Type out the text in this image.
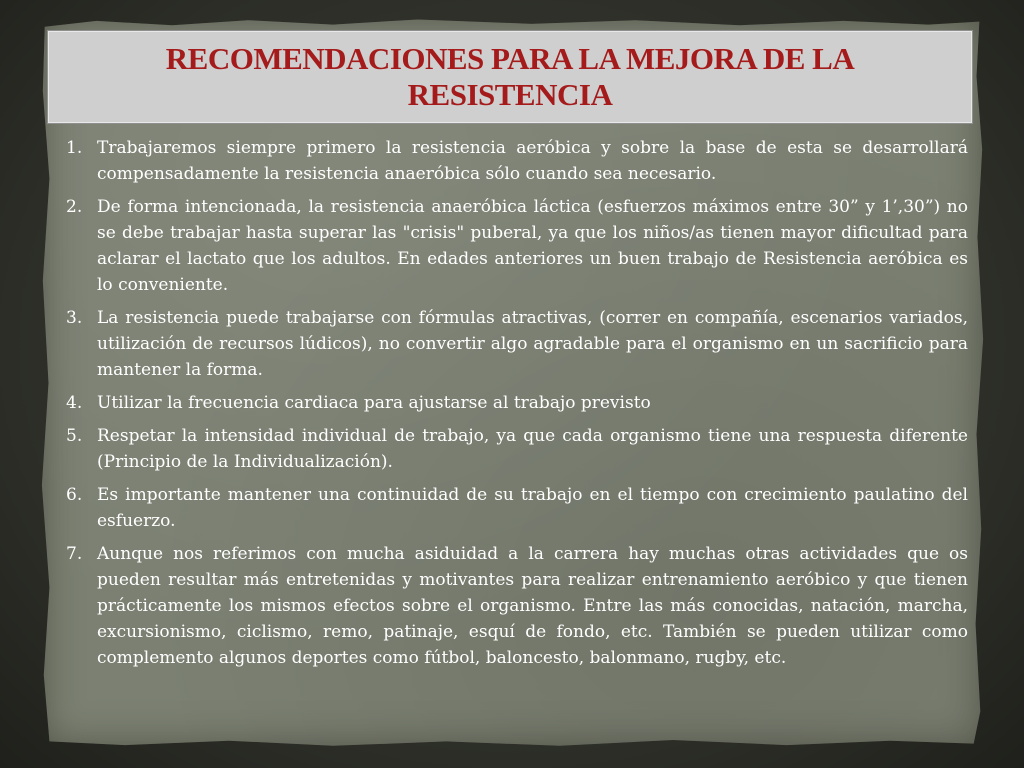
RECOMENDACIONES PARA LA MEJORA DE LA RESISTENCIA

1. Trabajaremos siempre primero la resistencia aeróbica y sobre la base de esta se desarrollará compensadamente la resistencia anaeróbica sólo cuando sea necesario.

2. De forma intencionada, la resistencia anaeróbica láctica (esfuerzos máximos entre 30” y 1’,30”) no se debe trabajar hasta superar las "crisis" puberal, ya que los niños/as tienen mayor dificultad para aclarar el lactato que los adultos. En edades anteriores un buen trabajo de Resistencia aeróbica es lo conveniente.

3. La resistencia puede trabajarse con fórmulas atractivas, (correr en compañía, escenarios variados, utilización de recursos lúdicos), no convertir algo agradable para el organismo en un sacrificio para mantener la forma.

4. Utilizar la frecuencia cardiaca para ajustarse al trabajo previsto

5. Respetar la intensidad individual de trabajo, ya que cada organismo tiene una respuesta diferente (Principio de la Individualización).

6. Es importante mantener una continuidad de su trabajo en el tiempo con crecimiento paulatino del esfuerzo.

7. Aunque nos referimos con mucha asiduidad a la carrera hay muchas otras actividades que os pueden resultar más entretenidas y motivantes para realizar entrenamiento aeróbico y que tienen prácticamente los mismos efectos sobre el organismo. Entre las más conocidas, natación, marcha, excursionismo, ciclismo, remo, patinaje, esquí de fondo, etc. También se pueden utilizar como complemento algunos deportes como fútbol, baloncesto, balonmano, rugby, etc.
